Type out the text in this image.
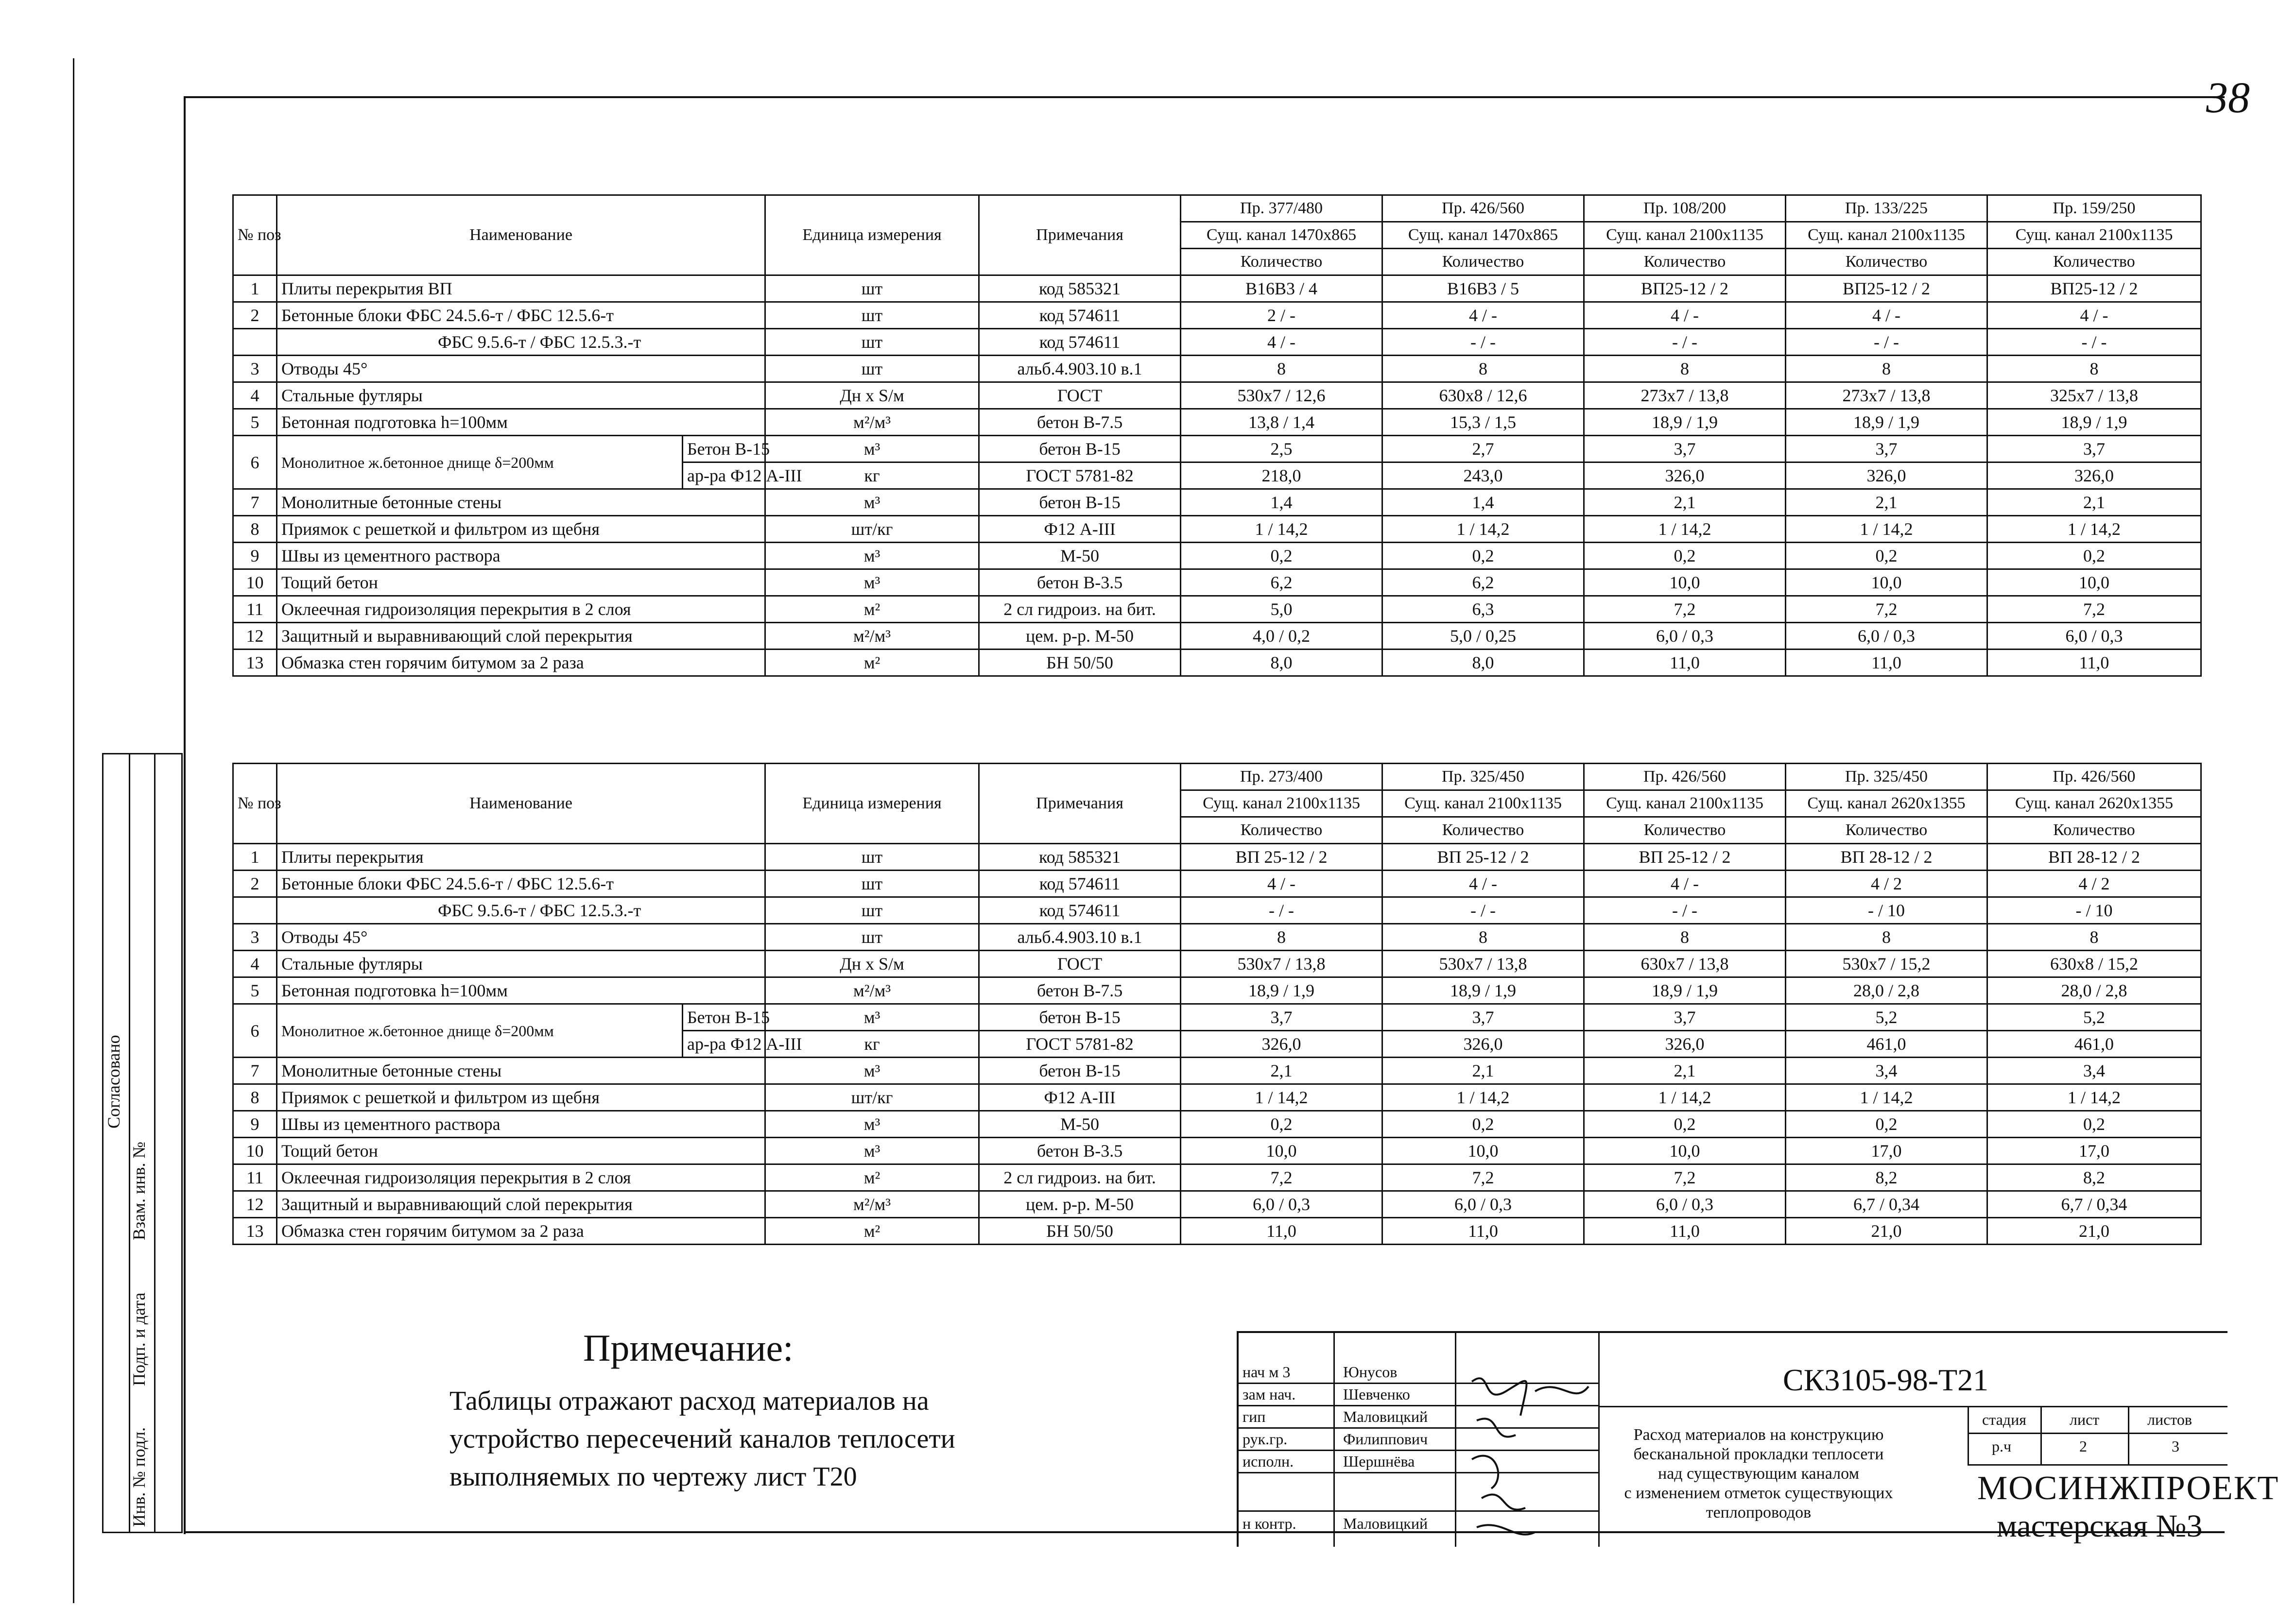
38
Согласовано
Взам. инв. №
Подп. и дата
Инв. № подл.
№ поз	Наименование		Единица измерения	Примечания	Пр. 377/480	Пр. 426/560	Пр. 108/200	Пр. 133/225	Пр. 159/250	
					Сущ. канал 1470х865	Сущ. канал 1470х865	Сущ. канал 2100х1135	Сущ. канал 2100х1135	Сущ. канал 2100х1135	
					Количество	Количество	Количество	Количество	Количество	
1	Плиты перекрытия ВП		шт	код 585321	В16В3 / 4	В16В3 / 5	ВП25-12 / 2	ВП25-12 / 2	ВП25-12 / 2	
2	Бетонные блоки ФБС 24.5.6-т / ФБС 12.5.6-т		шт	код 574611	2 / -	4 / -	4 / -	4 / -	4 / -	
	ФБС 9.5.6-т / ФБС 12.5.3.-т		шт	код 574611	4 / -	- / -	- / -	- / -	- / -	
3	Отводы 45°		шт	альб.4.903.10 в.1	8	8	8	8	8	
4	Стальные футляры		Дн x S/м	ГОСТ	530х7 / 12,6	630х8 / 12,6	273х7 / 13,8	273х7 / 13,8	325х7 / 13,8	
5	Бетонная подготовка h=100мм		м²/м³	бетон В-7.5	13,8 / 1,4	15,3 / 1,5	18,9 / 1,9	18,9 / 1,9	18,9 / 1,9	
6	Монолитное ж.бетонное днище δ=200мм	Бетон В-15	м³	бетон В-15	2,5	2,7	3,7	3,7	3,7	
		ар-ра Ф12 А-III	кг	ГОСТ 5781-82	218,0	243,0	326,0	326,0	326,0	
7	Монолитные бетонные стены		м³	бетон В-15	1,4	1,4	2,1	2,1	2,1	
8	Приямок с решеткой и фильтром из щебня		шт/кг	Ф12 А-III	1 / 14,2	1 / 14,2	1 / 14,2	1 / 14,2	1 / 14,2	
9	Швы из цементного раствора		м³	М-50	0,2	0,2	0,2	0,2	0,2	
10	Тощий бетон		м³	бетон В-3.5	6,2	6,2	10,0	10,0	10,0	
11	Оклеечная гидроизоляция перекрытия в 2 слоя		м²	2 сл гидроиз. на бит.	5,0	6,3	7,2	7,2	7,2	
12	Защитный и выравнивающий слой перекрытия		м²/м³	цем. р-р. М-50	4,0 / 0,2	5,0 / 0,25	6,0 / 0,3	6,0 / 0,3	6,0 / 0,3	
13	Обмазка стен горячим битумом за 2 раза		м²	БН 50/50	8,0	8,0	11,0	11,0	11,0	
№ поз	Наименование		Единица измерения	Примечания	Пр. 273/400	Пр. 325/450	Пр. 426/560	Пр. 325/450	Пр. 426/560	
					Сущ. канал 2100х1135	Сущ. канал 2100х1135	Сущ. канал 2100х1135	Сущ. канал 2620х1355	Сущ. канал 2620х1355	
					Количество	Количество	Количество	Количество	Количество	
1	Плиты перекрытия		шт	код 585321	ВП 25-12 / 2	ВП 25-12 / 2	ВП 25-12 / 2	ВП 28-12 / 2	ВП 28-12 / 2	
2	Бетонные блоки ФБС 24.5.6-т / ФБС 12.5.6-т		шт	код 574611	4 / -	4 / -	4 / -	4 / 2	4 / 2	
	ФБС 9.5.6-т / ФБС 12.5.3.-т		шт	код 574611	- / -	- / -	- / -	- / 10	- / 10	
3	Отводы 45°		шт	альб.4.903.10 в.1	8	8	8	8	8	
4	Стальные футляры		Дн x S/м	ГОСТ	530х7 / 13,8	530х7 / 13,8	630х7 / 13,8	530х7 / 15,2	630х8 / 15,2	
5	Бетонная подготовка h=100мм		м²/м³	бетон В-7.5	18,9 / 1,9	18,9 / 1,9	18,9 / 1,9	28,0 / 2,8	28,0 / 2,8	
6	Монолитное ж.бетонное днище δ=200мм	Бетон В-15	м³	бетон В-15	3,7	3,7	3,7	5,2	5,2	
		ар-ра Ф12 А-III	кг	ГОСТ 5781-82	326,0	326,0	326,0	461,0	461,0	
7	Монолитные бетонные стены		м³	бетон В-15	2,1	2,1	2,1	3,4	3,4	
8	Приямок с решеткой и фильтром из щебня		шт/кг	Ф12 А-III	1 / 14,2	1 / 14,2	1 / 14,2	1 / 14,2	1 / 14,2	
9	Швы из цементного раствора		м³	М-50	0,2	0,2	0,2	0,2	0,2	
10	Тощий бетон		м³	бетон В-3.5	10,0	10,0	10,0	17,0	17,0	
11	Оклеечная гидроизоляция перекрытия в 2 слоя		м²	2 сл гидроиз. на бит.	7,2	7,2	7,2	8,2	8,2	
12	Защитный и выравнивающий слой перекрытия		м²/м³	цем. р-р. М-50	6,0 / 0,3	6,0 / 0,3	6,0 / 0,3	6,7 / 0,34	6,7 / 0,34	
13	Обмазка стен горячим битумом за 2 раза		м²	БН 50/50	11,0	11,0	11,0	21,0	21,0	
Примечание:
Таблицы отражают расход материалов на
устройство пересечений каналов теплосети
выполняемых по чертежу лист Т20
нач м 3	Юнусов
зам нач.	Шевченко
гип	Маловицкий
рук.гр.	Филиппович
исполн.	Шершнёва
н контр.	Маловицкий
СК3105-98-Т21
Расход материалов на конструкцию
бесканальной прокладки теплосети
над существующим каналом
с изменением отметок существующих
теплопроводов
стадия
р.ч
лист
2
листов
3
МОСИНЖПРОЕКТ
мастерская №3
